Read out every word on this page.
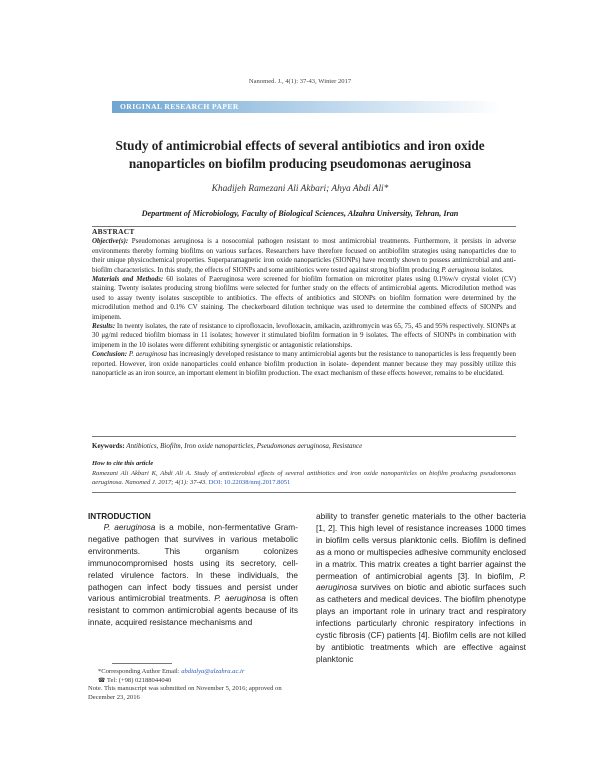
Nanomed. J., 4(1): 37-43, Winter 2017
ORIGINAL RESEARCH PAPER
Study of antimicrobial effects of several antibiotics and iron oxide nanoparticles on biofilm producing pseudomonas aeruginosa
Khadijeh Ramezani Ali Akbari; Ahya Abdi Ali*
Department of Microbiology, Faculty of Biological Sciences, Alzahra University, Tehran, Iran
ABSTRACT

Objective(s): Pseudomonas aeruginosa is a nosocomial pathogen resistant to most antimicrobial treatments. Furthermore, it persists in adverse environments thereby forming biofilms on various surfaces. Researchers have therefore focused on antibiofilm strategies using nanoparticles due to their unique physicochemical properties. Superparamagnetic iron oxide nanoparticles (SIONPs) have recently shown to possess antimicrobial and anti-biofilm characteristics. In this study, the effects of SIONPs and some antibiotics were tested against strong biofilm producing P. aeruginosa isolates.

Materials and Methods: 60 isolates of P.aeruginosa were screened for biofilm formation on microtiter plates using 0.1%w/v crystal violet (CV) staining. Twenty isolates producing strong biofilms were selected for further study on the effects of antimicrobial agents. Microdilution method was used to assay twenty isolates susceptible to antibiotics. The effects of antibiotics and SIONPs on biofilm formation were determined by the microdilution method and 0.1% CV staining. The checkerboard dilution technique was used to determine the combined effects of SIONPs and imipenem.

Results: In twenty isolates, the rate of resistance to ciprofloxacin, levofloxacin, amikacin, azithromycin was 65, 75, 45 and 95% respectively. SIONPs at 30 μg/ml reduced biofilm biomass in 11 isolates; however it stimulated biofilm formation in 9 isolates. The effects of SIONPs in combination with imipenem in the 10 isolates were different exhibiting synergistic or antagonistic relationships.

Conclusion: P. aeruginosa has increasingly developed resistance to many antimicrobial agents but the resistance to nanoparticles is less frequently been reported. However, iron oxide nanoparticles could enhance biofilm production in isolate- dependent manner because they may possibly utilize this nanoparticle as an iron source, an important element in biofilm production. The exact mechanism of these effects however, remains to be elucidated.

Keywords: Antibiotics, Biofilm, Iron oxide nanoparticles, Pseudomonas aeruginosa, Resistance
How to cite this article
Ramezani Ali Akbari K, Abdi Ali A. Study of antimicrobial effects of several antibiotics and iron oxide nanoparticles on biofilm producing pseudomonas aeruginosa. Nanomed J. 2017; 4(1): 37-43. DOI: 10.22038/nmj.2017.8051
INTRODUCTION

P. aeruginosa is a mobile, non-fermentative Gram-negative pathogen that survives in various metabolic environments. This organism colonizes immunocompromised hosts using its secretory, cell- related virulence factors. In these individuals, the pathogen can infect body tissues and persist under various antimicrobial treatments. P. aeruginosa is often resistant to common antimicrobial agents because of its innate, acquired resistance mechanisms and

ability to transfer genetic materials to the other bacteria [1, 2]. This high level of resistance increases 1000 times in biofilm cells versus planktonic cells. Biofilm is defined as a mono or multispecies adhesive community enclosed in a matrix. This matrix creates a tight barrier against the permeation of antimicrobial agents [3]. In biofilm, P. aeruginosa survives on biotic and abiotic surfaces such as catheters and medical devices. The biofilm phenotype plays an important role in urinary tract and respiratory infections particularly chronic respiratory infections in cystic fibrosis (CF) patients [4]. Biofilm cells are not killed by antibiotic treatments which are effective against planktonic

*Corresponding Author Email: abdialya@alzahra.ac.ir
☎ Tel: (+98) 02188044040
Note. This manuscript was submitted on November 5, 2016; approved on December 23, 2016
